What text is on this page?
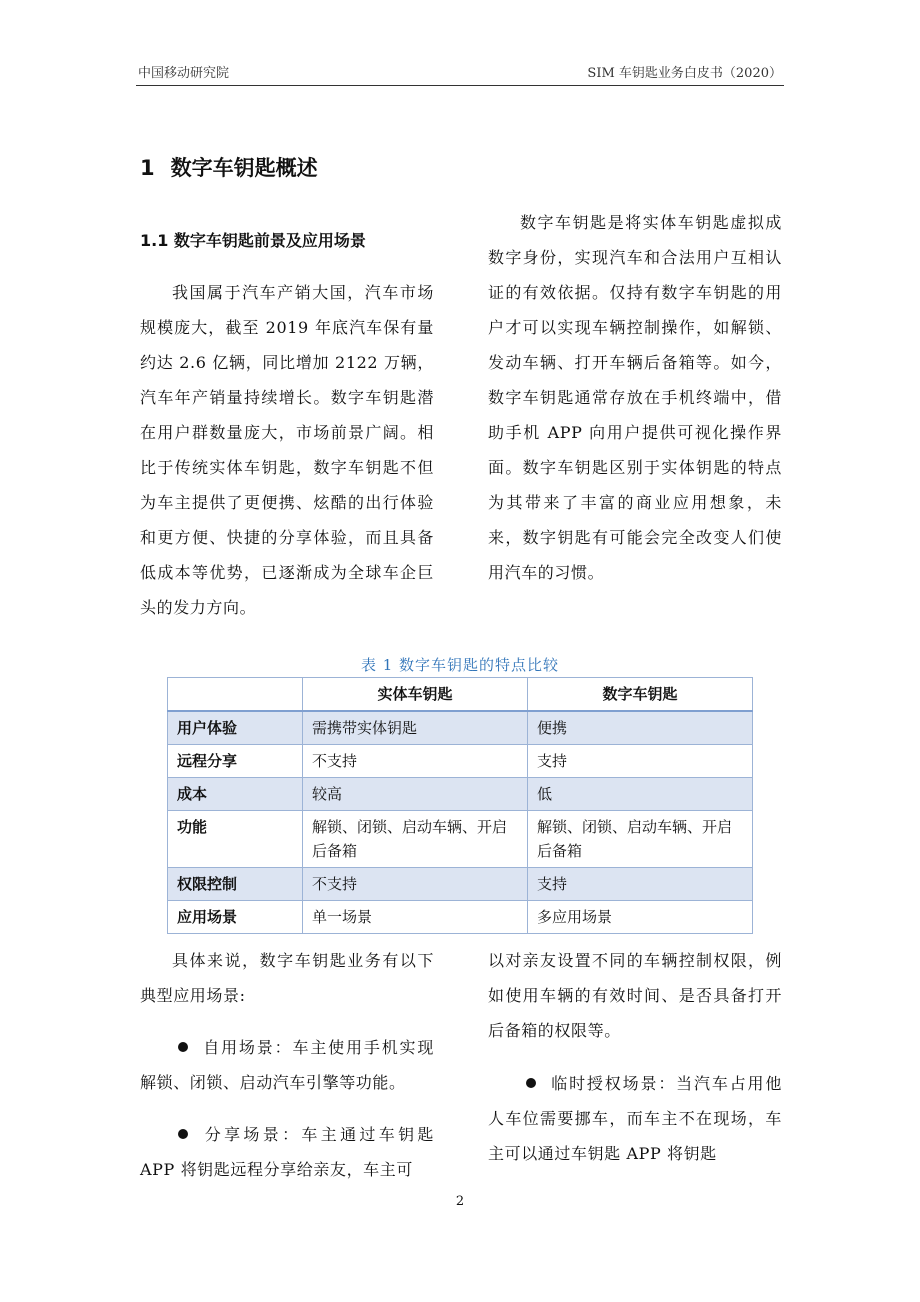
中国移动研究院	SIM 车钥匙业务白皮书（2020）
1 数字车钥匙概述
1.1 数字车钥匙前景及应用场景

我国属于汽车产销大国，汽车市场规模庞大，截至 2019 年底汽车保有量约达 2.6 亿辆，同比增加 2122 万辆，汽车年产销量持续增长。数字车钥匙潜在用户群数量庞大，市场前景广阔。相比于传统实体车钥匙，数字车钥匙不但为车主提供了更便携、炫酷的出行体验和更方便、快捷的分享体验，而且具备低成本等优势，已逐渐成为全球车企巨头的发力方向。

数字车钥匙是将实体车钥匙虚拟成数字身份，实现汽车和合法用户互相认证的有效依据。仅持有数字车钥匙的用户才可以实现车辆控制操作，如解锁、发动车辆、打开车辆后备箱等。如今，数字车钥匙通常存放在手机终端中，借助手机 APP 向用户提供可视化操作界面。数字车钥匙区别于实体钥匙的特点为其带来了丰富的商业应用想象，未来，数字钥匙有可能会完全改变人们使用汽车的习惯。

表 1 数字车钥匙的特点比较
	实体车钥匙	数字车钥匙
用户体验	需携带实体钥匙	便携
远程分享	不支持	支持
成本	较高	低
功能	解锁、闭锁、启动车辆、开启后备箱	解锁、闭锁、启动车辆、开启后备箱
权限控制	不支持	支持
应用场景	单一场景	多应用场景

具体来说，数字车钥匙业务有以下典型应用场景:

自用场景：车主使用手机实现解锁、闭锁、启动汽车引擎等功能。

分享场景：车主通过车钥匙 APP 将钥匙远程分享给亲友，车主可

以对亲友设置不同的车辆控制权限，例如使用车辆的有效时间、是否具备打开后备箱的权限等。

临时授权场景：当汽车占用他人车位需要挪车，而车主不在现场，车主可以通过车钥匙 APP 将钥匙

2
